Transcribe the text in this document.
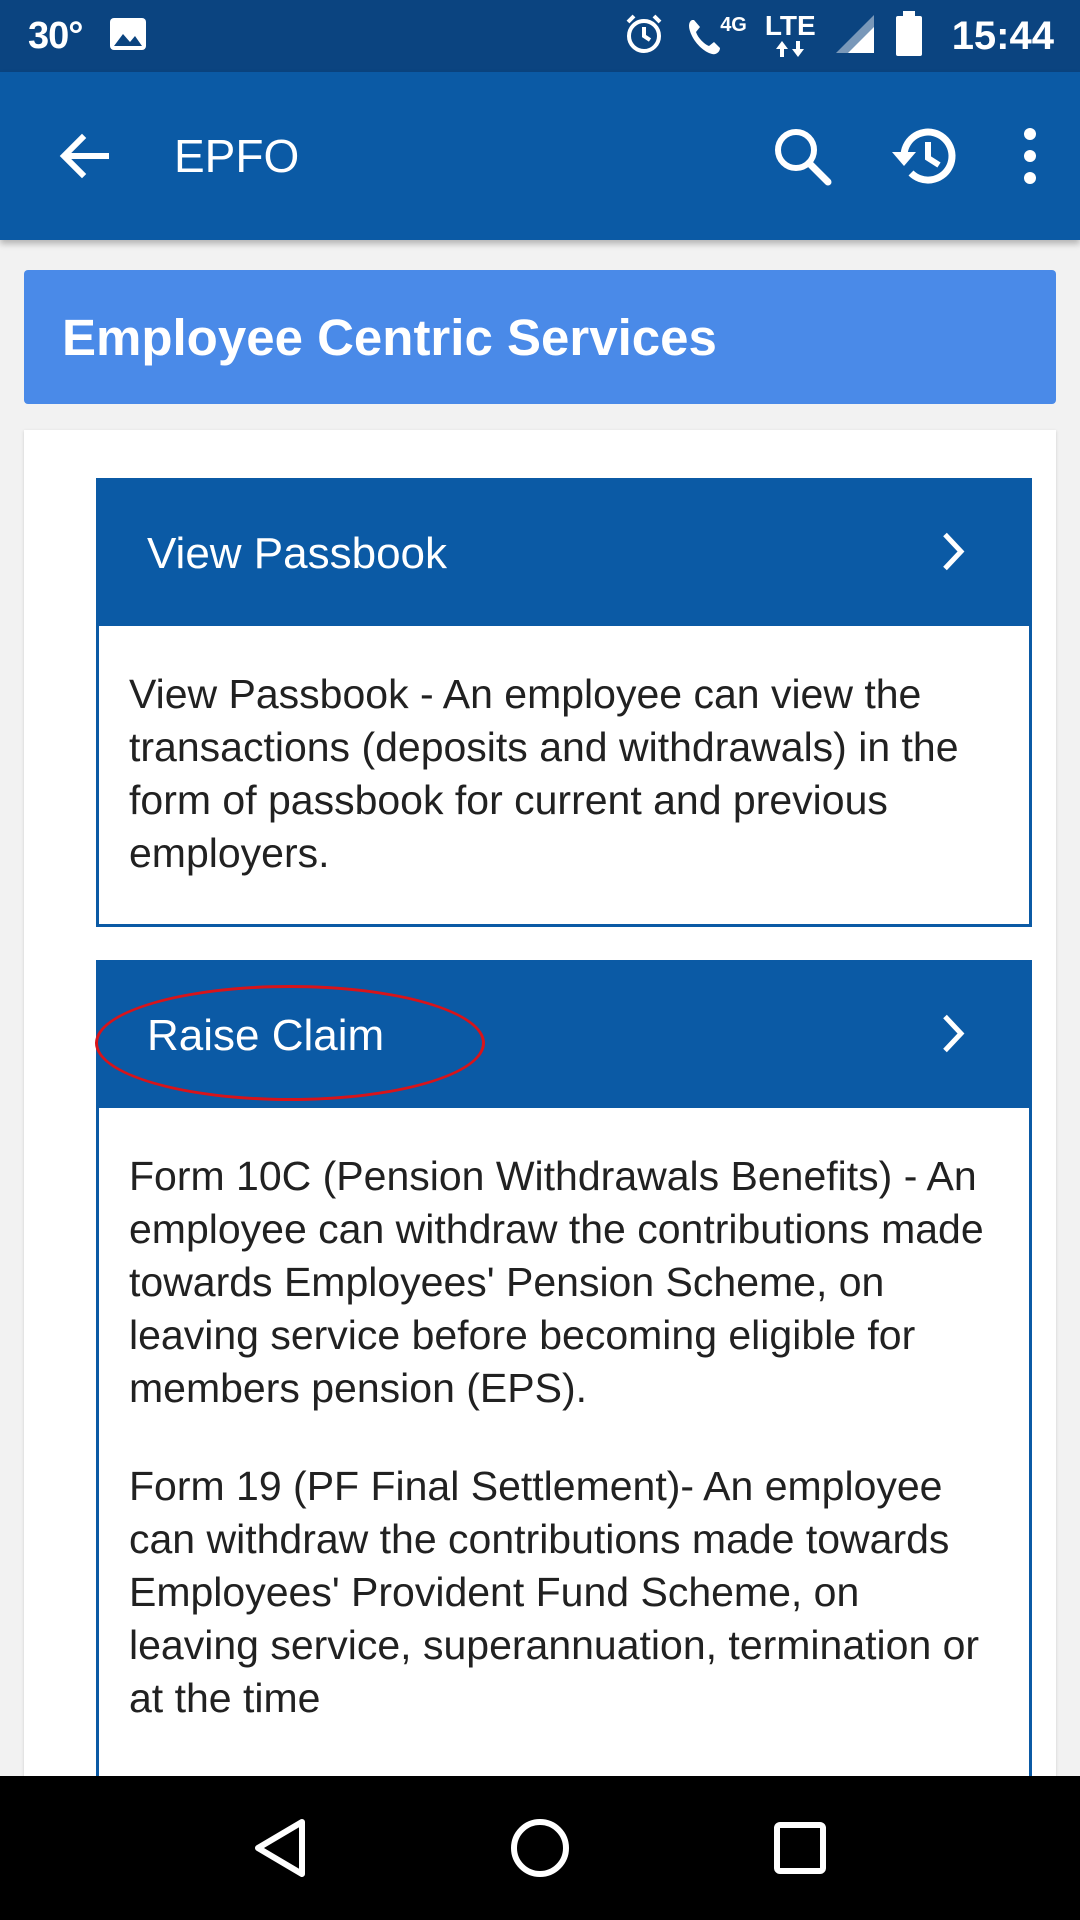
30°	4G LTE	15:44
EPFO
Employee Centric Services
View Passbook

View Passbook - An employee can view the transactions (deposits and withdrawals) in the form of passbook for current and previous employers.

Raise Claim

Form 10C (Pension Withdrawals Benefits) - An employee can withdraw the contributions made towards Employees' Pension Scheme, on leaving service before becoming eligible for members pension (EPS).

Form 19 (PF Final Settlement)- An employee can withdraw the contributions made towards Employees' Provident Fund Scheme, on leaving service, superannuation, termination or at the time
